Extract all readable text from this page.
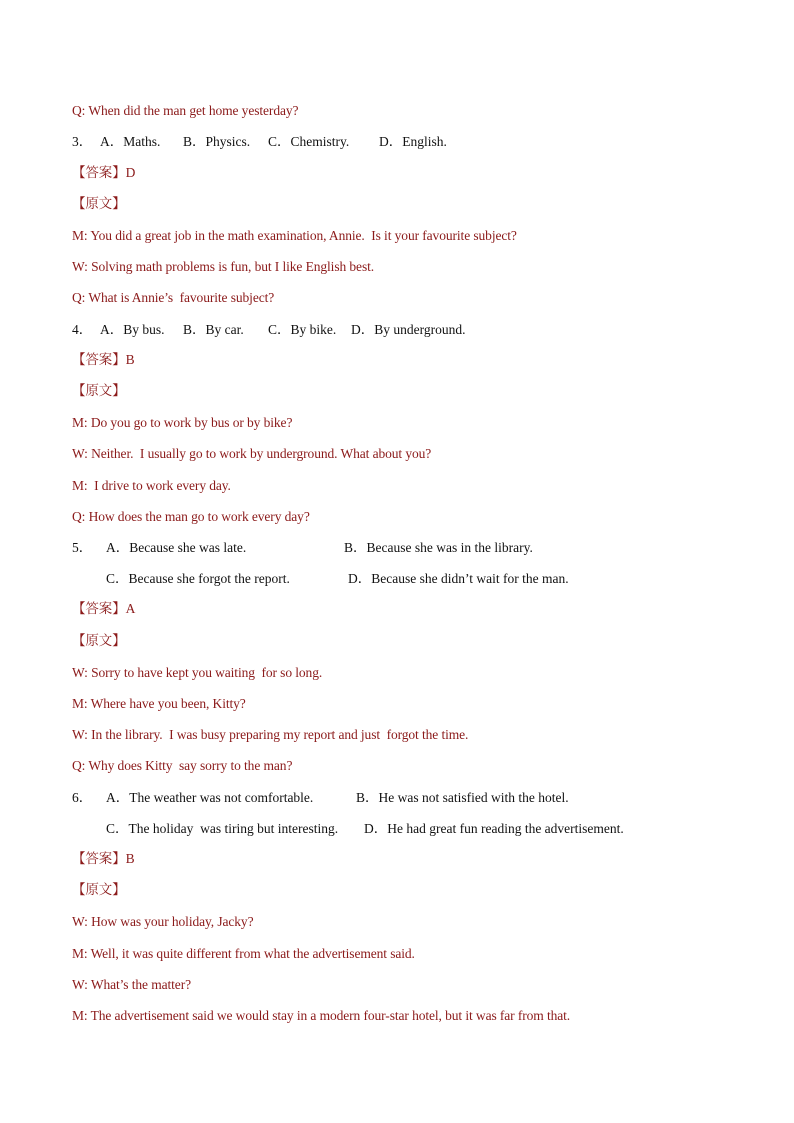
Q: When did the man get home yesterday?
3． A．Maths. B．Physics. C．Chemistry. D．English.
【答案】D
【原文】
M: You did a great job in the math examination, Annie.  Is it your favourite subject?
W: Solving math problems is fun, but I like English best.
Q: What is Annie’s  favourite subject?
4． A．By bus. B．By car. C．By bike. D．By underground.
【答案】B
【原文】
M: Do you go to work by bus or by bike?
W: Neither.  I usually go to work by underground. What about you?
M:  I drive to work every day.
Q: How does the man go to work every day?
5． A．Because she was late.	B．Because she was in the library.
C．Because she forgot the report.	D．Because she didn’t wait for the man.
【答案】A
【原文】
W: Sorry to have kept you waiting  for so long.
M: Where have you been, Kitty?
W: In the library.  I was busy preparing my report and just  forgot the time.
Q: Why does Kitty  say sorry to the man?
6． A．The weather was not comfortable.	B．He was not satisfied with the hotel.
C．The holiday  was tiring but interesting. D．He had great fun reading the advertisement.
【答案】B
【原文】
W: How was your holiday, Jacky?
M: Well, it was quite different from what the advertisement said.
W: What’s the matter?
M: The advertisement said we would stay in a modern four-star hotel, but it was far from that.
